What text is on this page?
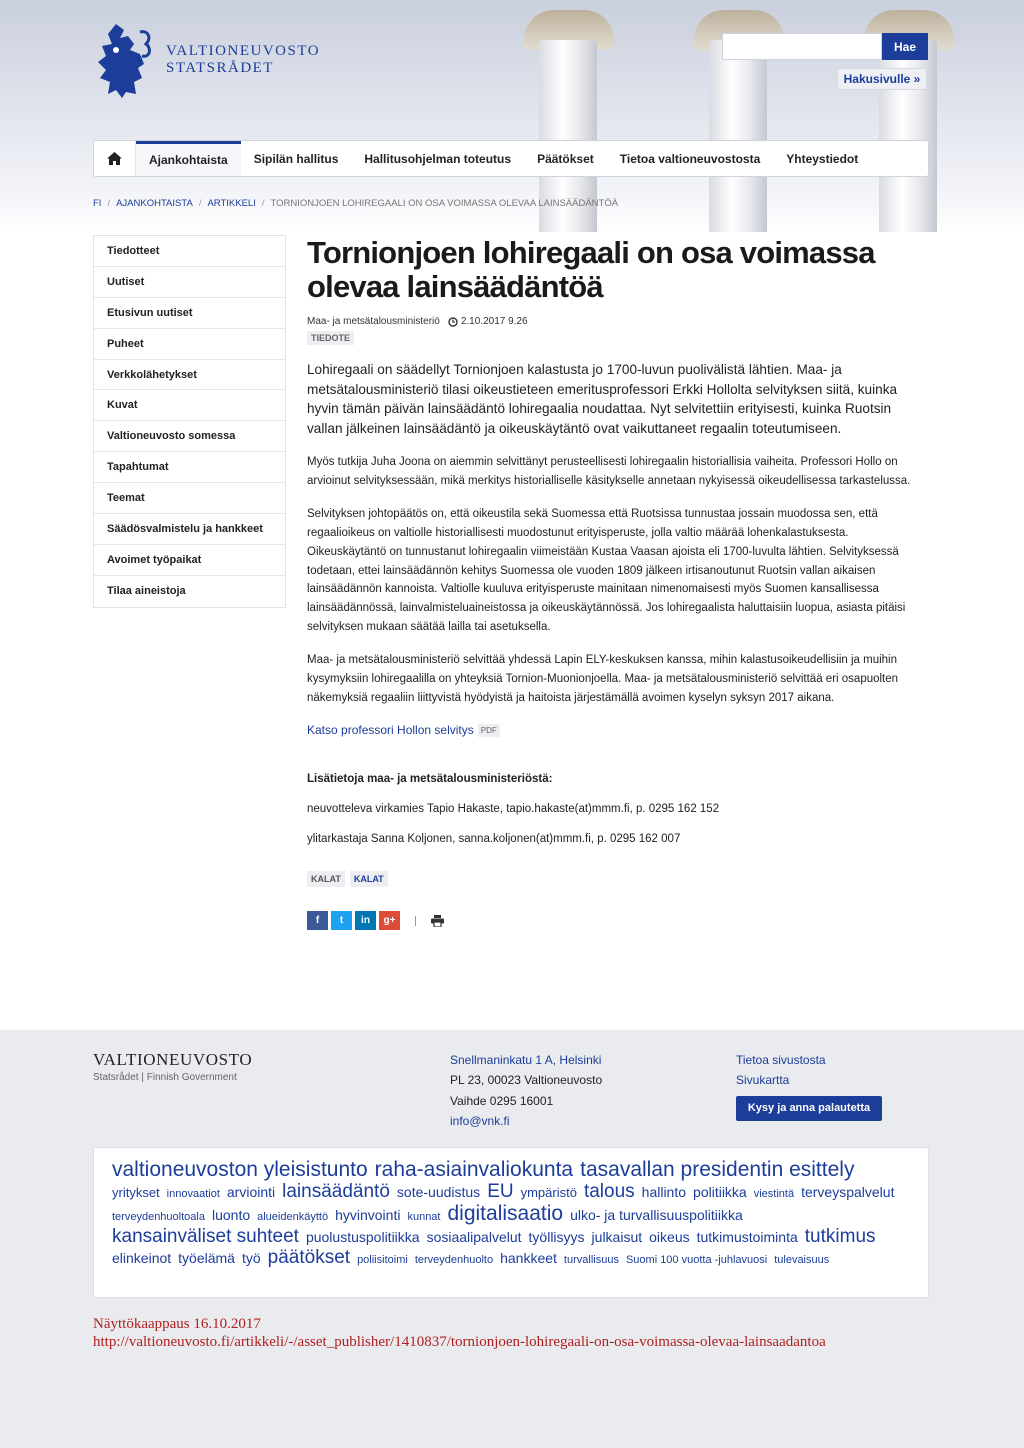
VALTIONEUVOSTO
STATSRÅDET
Hae
Hakusivulle »
Ajankohtaista	Sipilän hallitus	Hallitusohjelman toteutus	Päätökset	Tietoa valtioneuvostosta	Yhteystiedot
FI / AJANKOHTAISTA / ARTIKKELI / TORNIONJOEN LOHIREGAALI ON OSA VOIMASSA OLEVAA LAINSÄÄDÄNTÖÄ
Tiedotteet
Uutiset
Etusivun uutiset
Puheet
Verkkolähetykset
Kuvat
Valtioneuvosto somessa
Tapahtumat
Teemat
Säädösvalmistelu ja hankkeet
Avoimet työpaikat
Tilaa aineistoja
Tornionjoen lohiregaali on osa voimassa olevaa lainsäädäntöä
Maa- ja metsätalousministeriö 2.10.2017 9.26
TIEDOTE

Lohiregaali on säädellyt Tornionjoen kalastusta jo 1700-luvun puolivälistä lähtien. Maa- ja metsätalousministeriö tilasi oikeustieteen emeritusprofessori Erkki Hollolta selvityksen siitä, kuinka hyvin tämän päivän lainsäädäntö lohiregaalia noudattaa. Nyt selvitettiin erityisesti, kuinka Ruotsin vallan jälkeinen lainsäädäntö ja oikeuskäytäntö ovat vaikuttaneet regaalin toteutumiseen.

Myös tutkija Juha Joona on aiemmin selvittänyt perusteellisesti lohiregaalin historiallisia vaiheita. Professori Hollo on arvioinut selvityksessään, mikä merkitys historialliselle käsitykselle annetaan nykyisessä oikeudellisessa tarkastelussa.

Selvityksen johtopäätös on, että oikeustila sekä Suomessa että Ruotsissa tunnustaa jossain muodossa sen, että regaalioikeus on valtiolle historiallisesti muodostunut erityisperuste, jolla valtio määrää lohenkalastuksesta. Oikeuskäytäntö on tunnustanut lohiregaalin viimeistään Kustaa Vaasan ajoista eli 1700-luvulta lähtien. Selvityksessä todetaan, ettei lainsäädännön kehitys Suomessa ole vuoden 1809 jälkeen irtisanoutunut Ruotsin vallan aikaisen lainsäädännön kannoista. Valtiolle kuuluva erityisperuste mainitaan nimenomaisesti myös Suomen kansallisessa lainsäädännössä, lainvalmisteluaineistossa ja oikeuskäytännössä. Jos lohiregaalista haluttaisiin luopua, asiasta pitäisi selvityksen mukaan säätää lailla tai asetuksella.

Maa- ja metsätalousministeriö selvittää yhdessä Lapin ELY-keskuksen kanssa, mihin kalastusoikeudellisiin ja muihin kysymyksiin lohiregaalilla on yhteyksiä Tornion-Muonionjoella. Maa- ja metsätalousministeriö selvittää eri osapuolten näkemyksiä regaaliin liittyvistä hyödyistä ja haitoista järjestämällä avoimen kyselyn syksyn 2017 aikana.

Katso professori Hollon selvitys PDF

Lisätietoja maa- ja metsätalousministeriöstä:

neuvotteleva virkamies Tapio Hakaste, tapio.hakaste(at)mmm.fi, p. 0295 162 152

ylitarkastaja Sanna Koljonen, sanna.koljonen(at)mmm.fi, p. 0295 162 007

KALAT	KALAT
f t in g+
VALTIONEUVOSTO
Statsrådet | Finnish Government
Snellmaninkatu 1 A, Helsinki
PL 23, 00023 Valtioneuvosto
Vaihde 0295 16001
info@vnk.fi
Tietoa sivustosta
Sivukartta
Kysy ja anna palautetta
valtioneuvoston yleisistunto raha-asiainvaliokunta tasavallan presidentin esittelyyritykset innovaatiot arviointi lainsäädäntö sote-uudistus EU ympäristö talous hallinto politiikka viestintä terveyspalvelutterveydenhuoltoala luonto alueidenkäyttö hyvinvointi kunnat digitalisaatio ulko- ja turvallisuuspolitiikkakansainväliset suhteet puolustuspolitiikka sosiaalipalvelut työllisyys julkaisut oikeus tutkimustoiminta tutkimuselinkeinot työelämä työ päätökset poliisitoimi terveydenhuolto hankkeet turvallisuus Suomi 100 vuotta -juhlavuosi tulevaisuus
Näyttökaappaus 16.10.2017
http://valtioneuvosto.fi/artikkeli/-/asset_publisher/1410837/tornionjoen-lohiregaali-on-osa-voimassa-olevaa-lainsaadantoa
